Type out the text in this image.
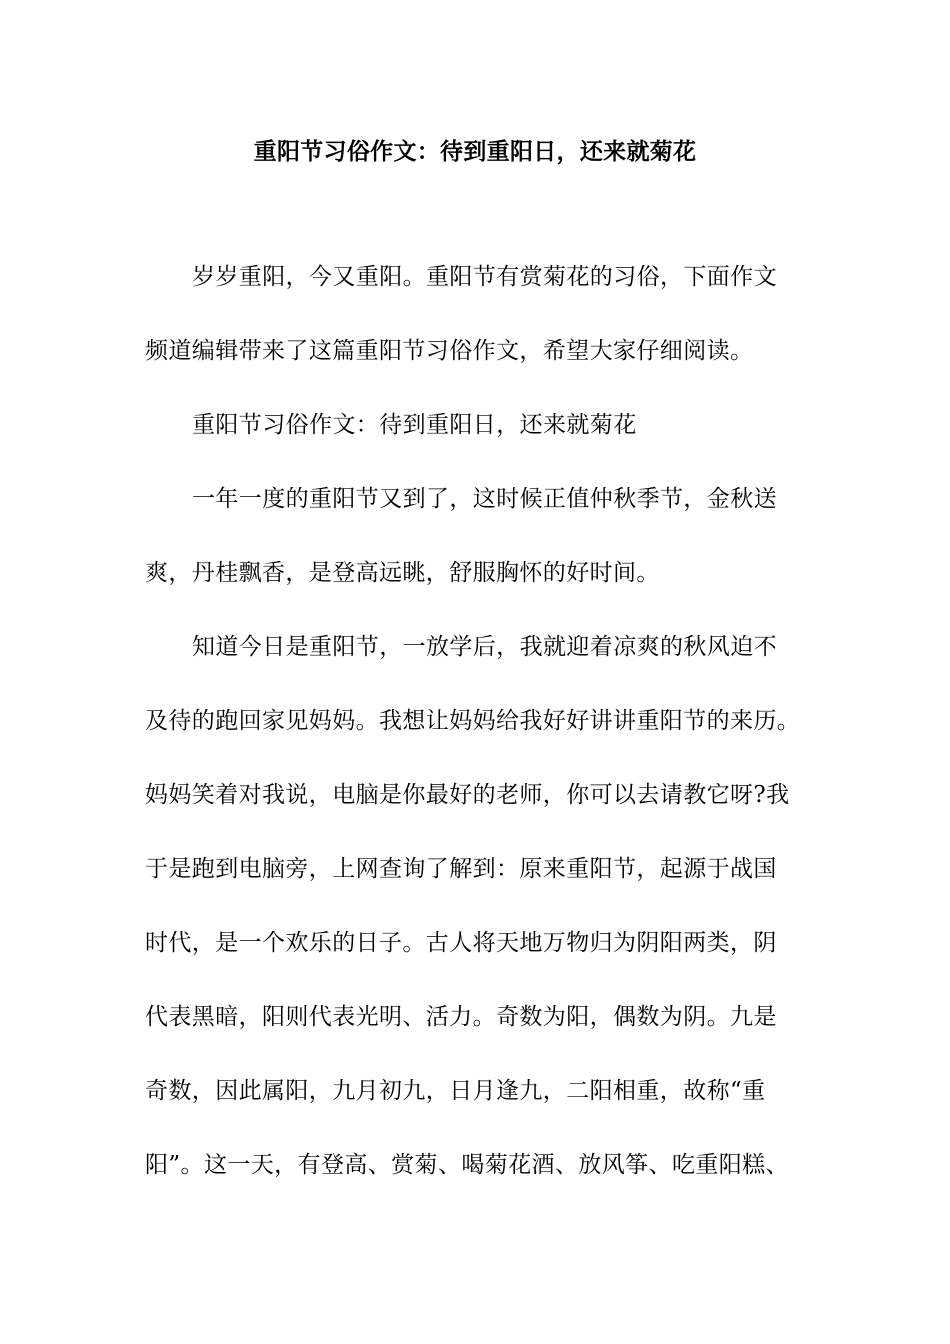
重阳节习俗作文：待到重阳日，还来就菊花
岁岁重阳，今又重阳。重阳节有赏菊花的习俗，下面作文
频道编辑带来了这篇重阳节习俗作文，希望大家仔细阅读。
重阳节习俗作文：待到重阳日，还来就菊花
一年一度的重阳节又到了，这时候正值仲秋季节，金秋送
爽，丹桂飘香，是登高远眺，舒服胸怀的好时间。
知道今日是重阳节，一放学后，我就迎着凉爽的秋风迫不
及待的跑回家见妈妈。我想让妈妈给我好好讲讲重阳节的来历。
妈妈笑着对我说，电脑是你最好的老师，你可以去请教它呀?我
于是跑到电脑旁，上网查询了解到：原来重阳节，起源于战国
时代，是一个欢乐的日子。古人将天地万物归为阴阳两类，阴
代表黑暗，阳则代表光明、活力。奇数为阳，偶数为阴。九是
奇数，因此属阳，九月初九，日月逢九，二阳相重，故称“重
阳”。这一天，有登高、赏菊、喝菊花酒、放风筝、吃重阳糕、
